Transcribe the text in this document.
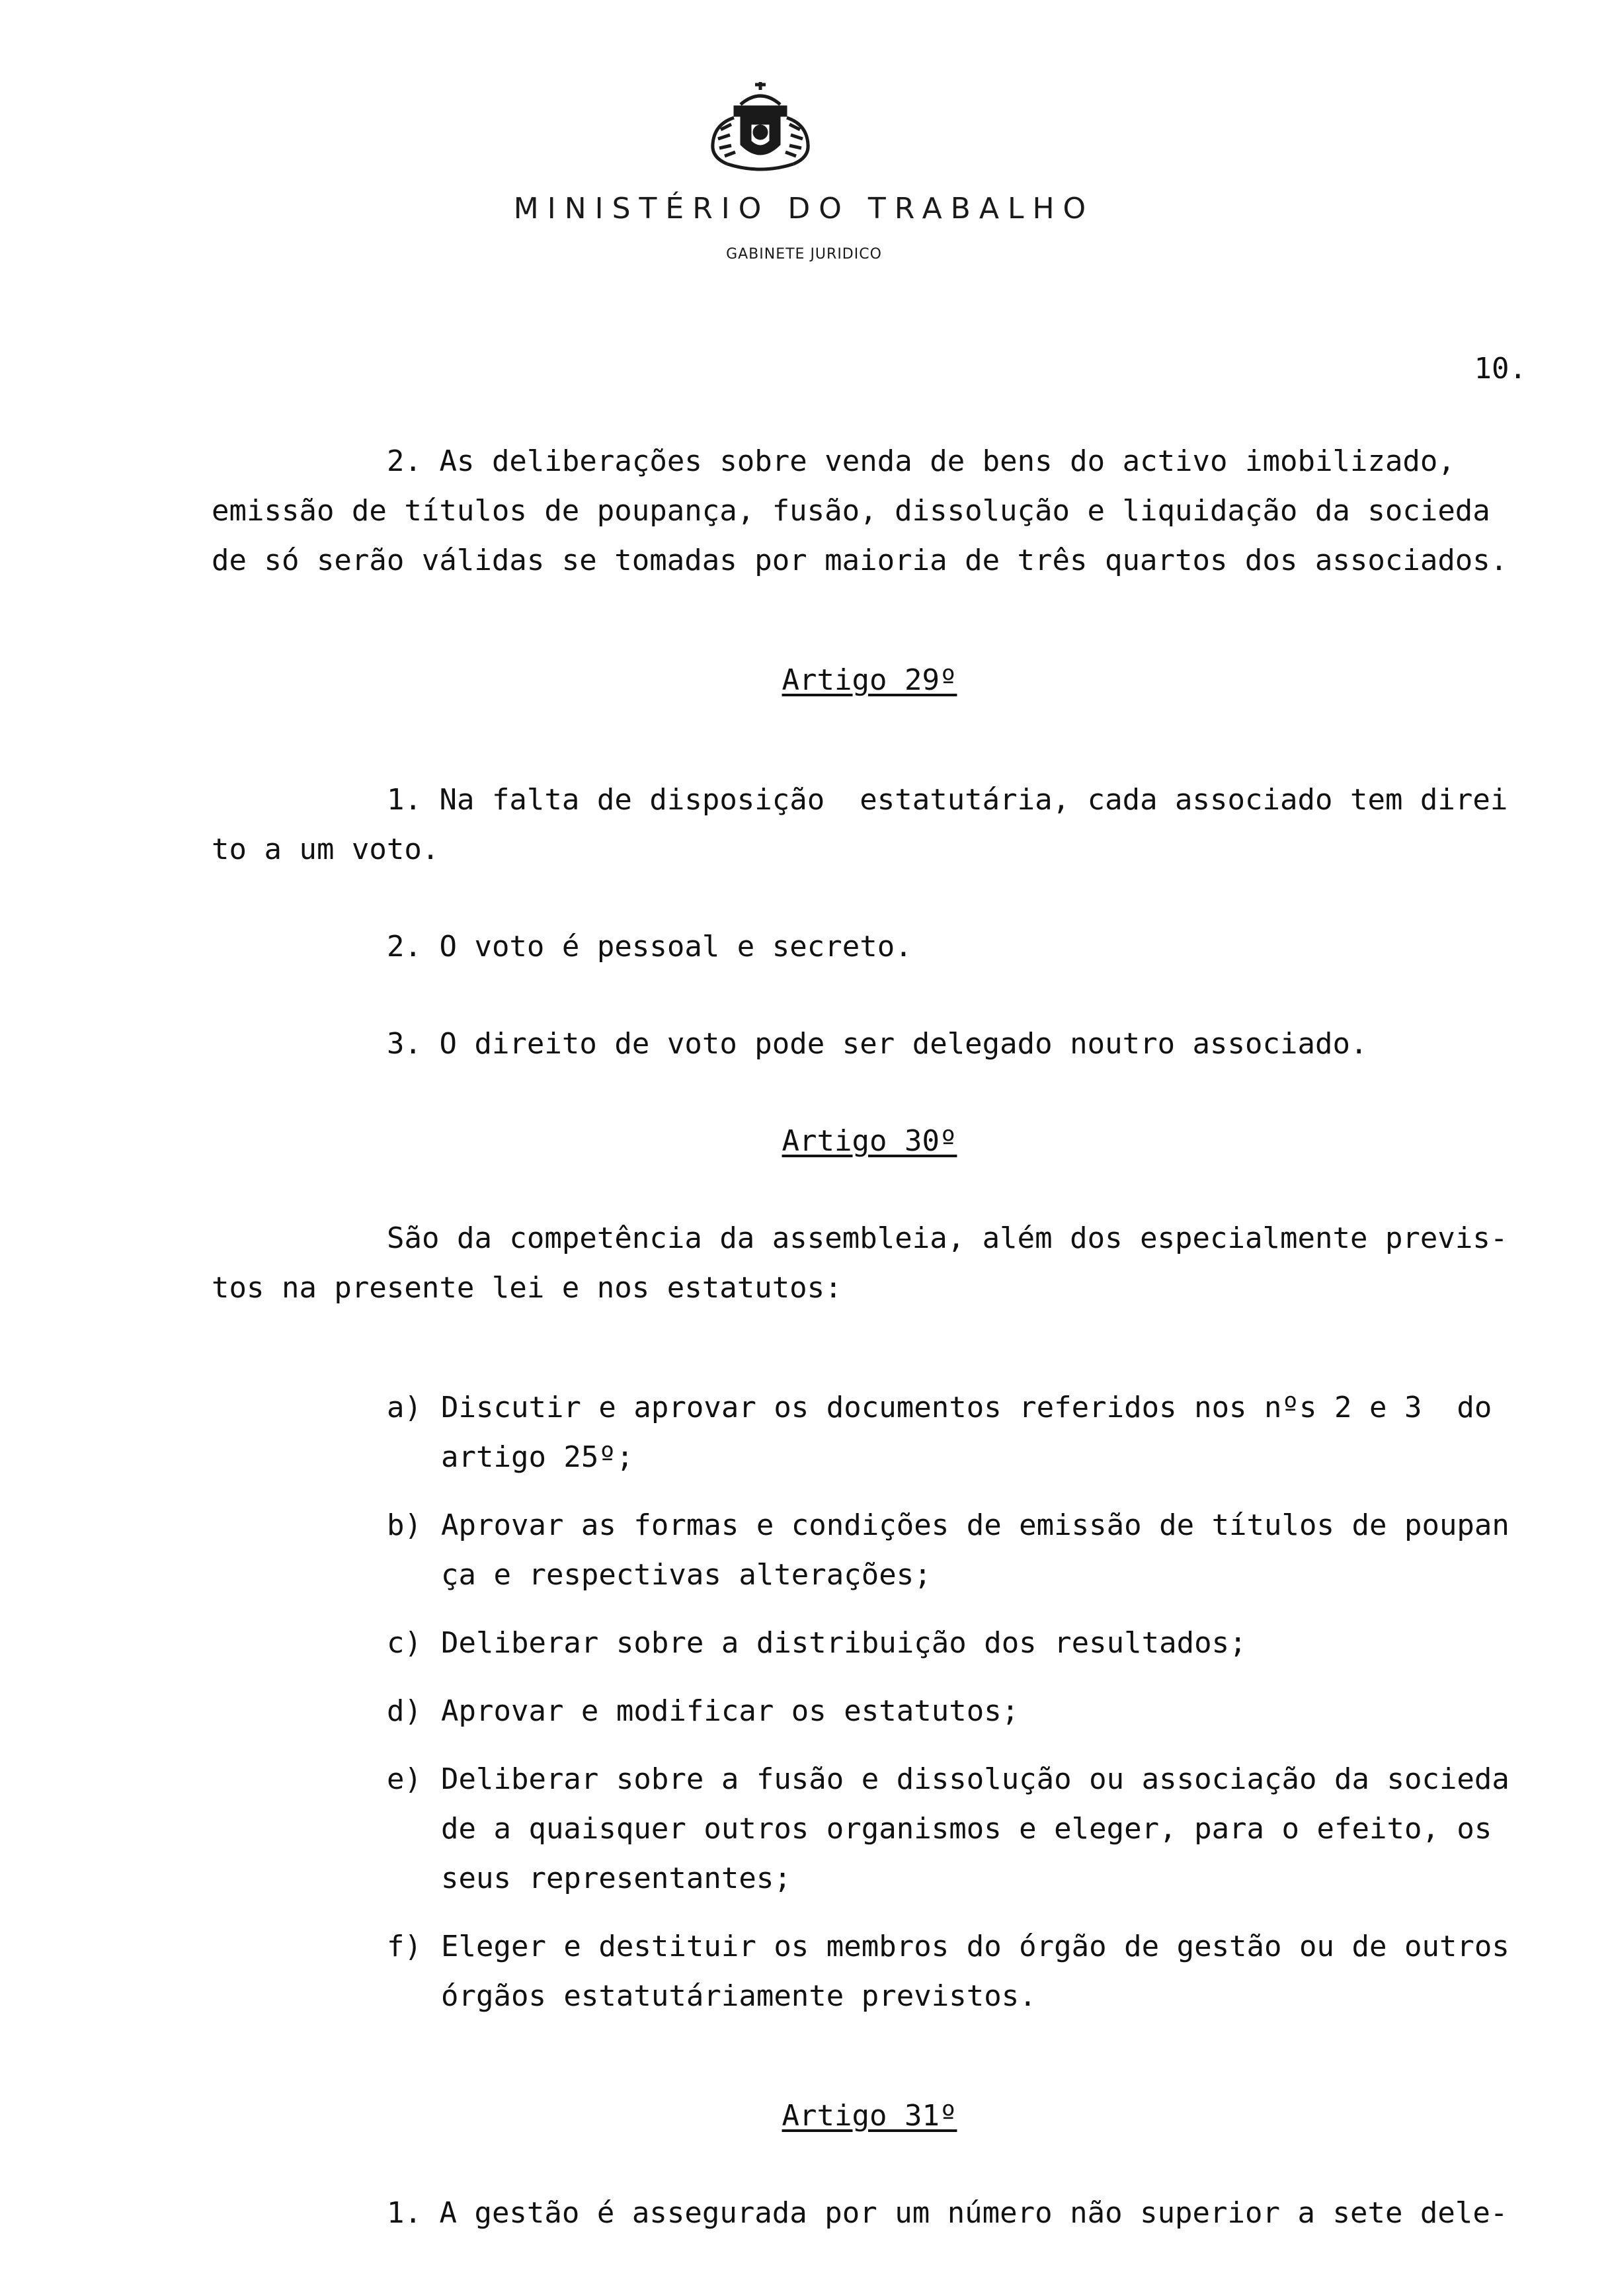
MINISTÉRIO DO TRABALHO
GABINETE JURIDICO
10.
2. As deliberações sobre venda de bens do activo imobilizado,
emissão de títulos de poupança, fusão, dissolução e liquidação da socieda
de só serão válidas se tomadas por maioria de três quartos dos associados.
Artigo 29º
1. Na falta de disposição  estatutária, cada associado tem direi
to a um voto.
2. O voto é pessoal e secreto.
3. O direito de voto pode ser delegado noutro associado.
Artigo 30º
São da competência da assembleia, além dos especialmente previs-
tos na presente lei e nos estatutos:
a) Discutir e aprovar os documentos referidos nos nºs 2 e 3  do
artigo 25º;
b) Aprovar as formas e condições de emissão de títulos de poupan
ça e respectivas alterações;
c) Deliberar sobre a distribuição dos resultados;
d) Aprovar e modificar os estatutos;
e) Deliberar sobre a fusão e dissolução ou associação da socieda
de a quaisquer outros organismos e eleger, para o efeito, os
seus representantes;
f) Eleger e destituir os membros do órgão de gestão ou de outros
órgãos estatutáriamente previstos.
Artigo 31º
1. A gestão é assegurada por um número não superior a sete dele-
